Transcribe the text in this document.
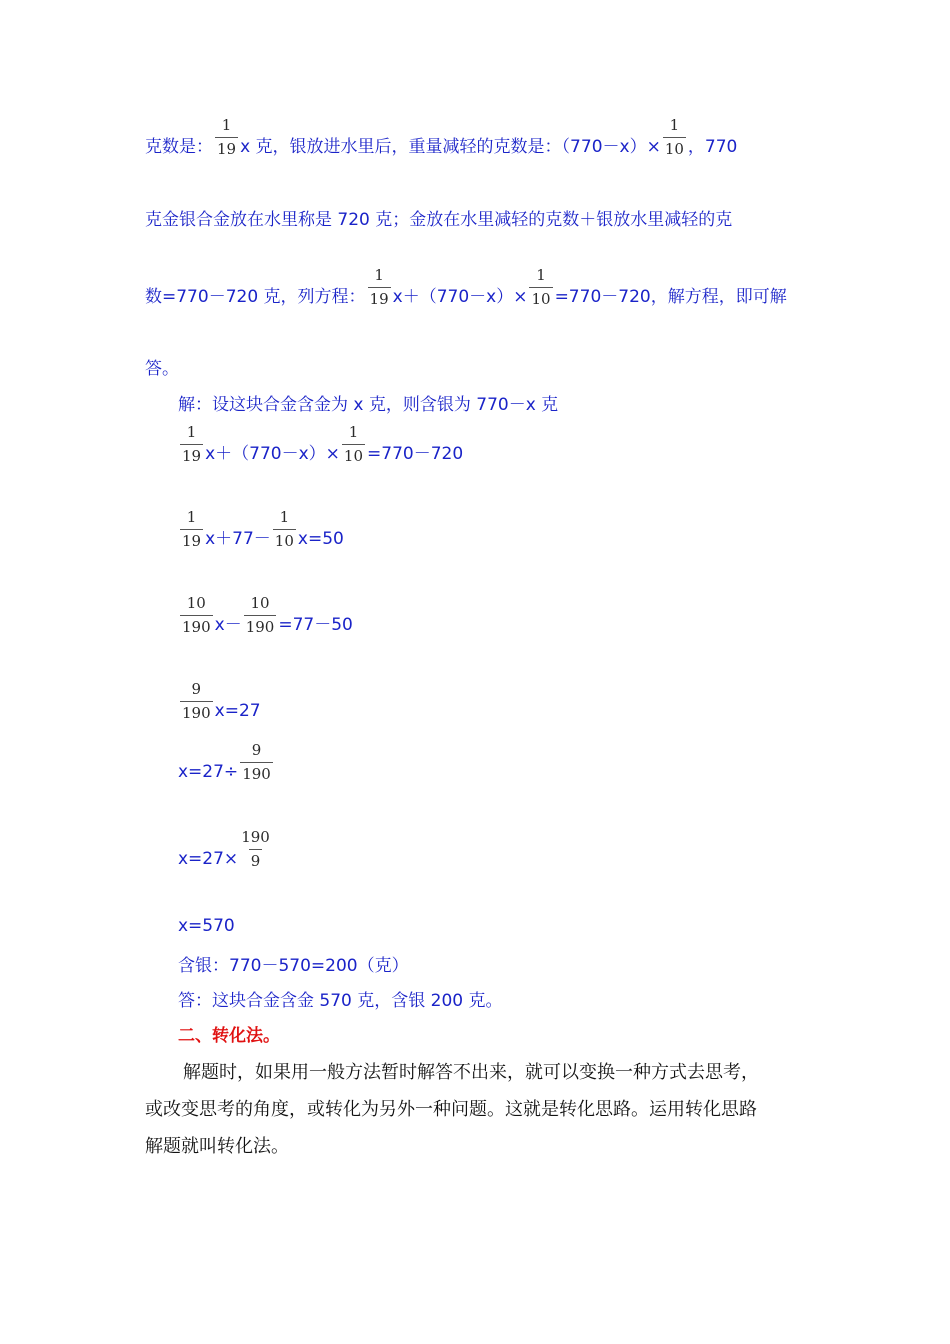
克数是： $\frac{1}{19}$ x 克，银放进水里后，重量减轻的克数是：$(770-x)\times \frac{1}{10}$ ，770
克金银合金放在水里称是 720 克；金放在水里减轻的克数＋银放水里减轻的克
数=770－720 克，列方程： $\frac{1}{19} x+(770-x)\times \frac{1}{10} =770-720$，解方程，即可解
答。
解：设这块合金含金为 x 克，则含银为 770－x 克
$\frac{1}{19} x+(770-x)\times \frac{1}{10} =770-720$
$\frac{1}{19} x+77- \frac{1}{10} x=50$
$\frac{10}{190} x- \frac{10}{190} =77-50$
$\frac{9}{190} x=27$
$x=27\div \frac{9}{190}$
$x=27\times \frac{190}{9}$
x=570
含银：770－570=200（克）
答：这块合金含金 570 克，含银 200 克。
二、转化法。
解题时，如果用一般方法暂时解答不出来，就可以变换一种方式去思考，
或改变思考的角度，或转化为另外一种问题。这就是转化思路。运用转化思路
解题就叫转化法。
